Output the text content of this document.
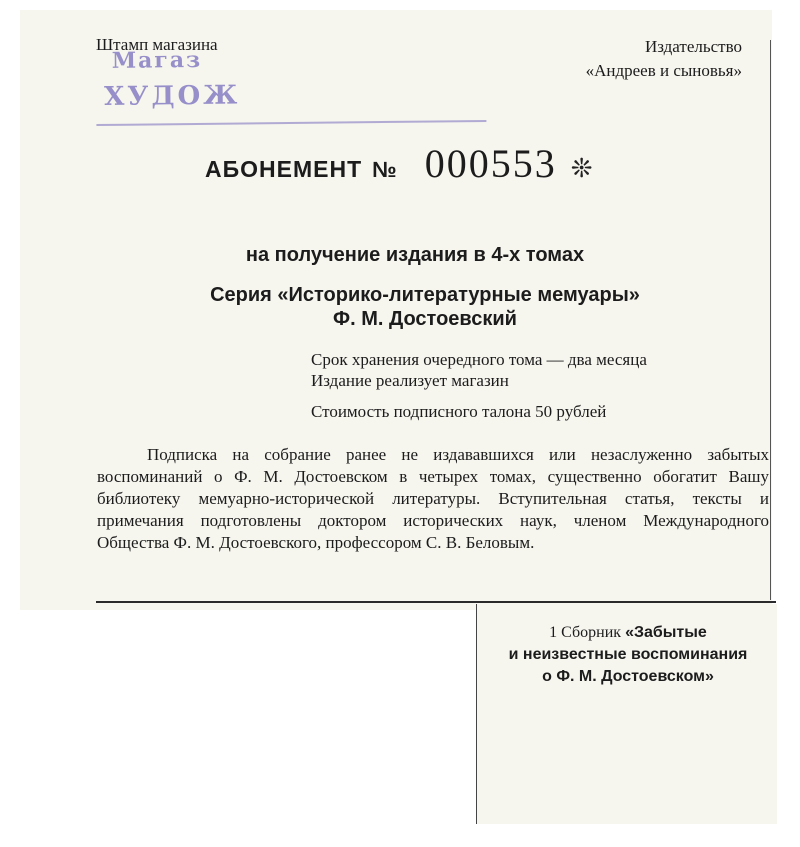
Магаз
ХУДОЖ
Штамп магазина	Издательство
«Андреев и сыновья»
АБОНЕМЕНТ № 000553 ❊
на получение издания в 4-х томах
Серия «Историко-литературные мемуары»
Ф. М. Достоевский
Срок хранения очередного тома — два месяца
Издание реализует магазин
Стоимость подписного талона 50 рублей
Подписка на собрание ранее не издававшихся или незаслуженно забытых воспоминаний о Ф. М. Достоевском в четырех томах, существенно обогатит Вашу библиотеку мемуарно-исторической литературы. Вступительная статья, тексты и примечания подготовлены доктором исторических наук, членом Международного Общества Ф. М. Достоевского, профессором С. В. Беловым.
1 Сборник «Забытые
и неизвестные воспоминания
о Ф. М. Достоевском»
